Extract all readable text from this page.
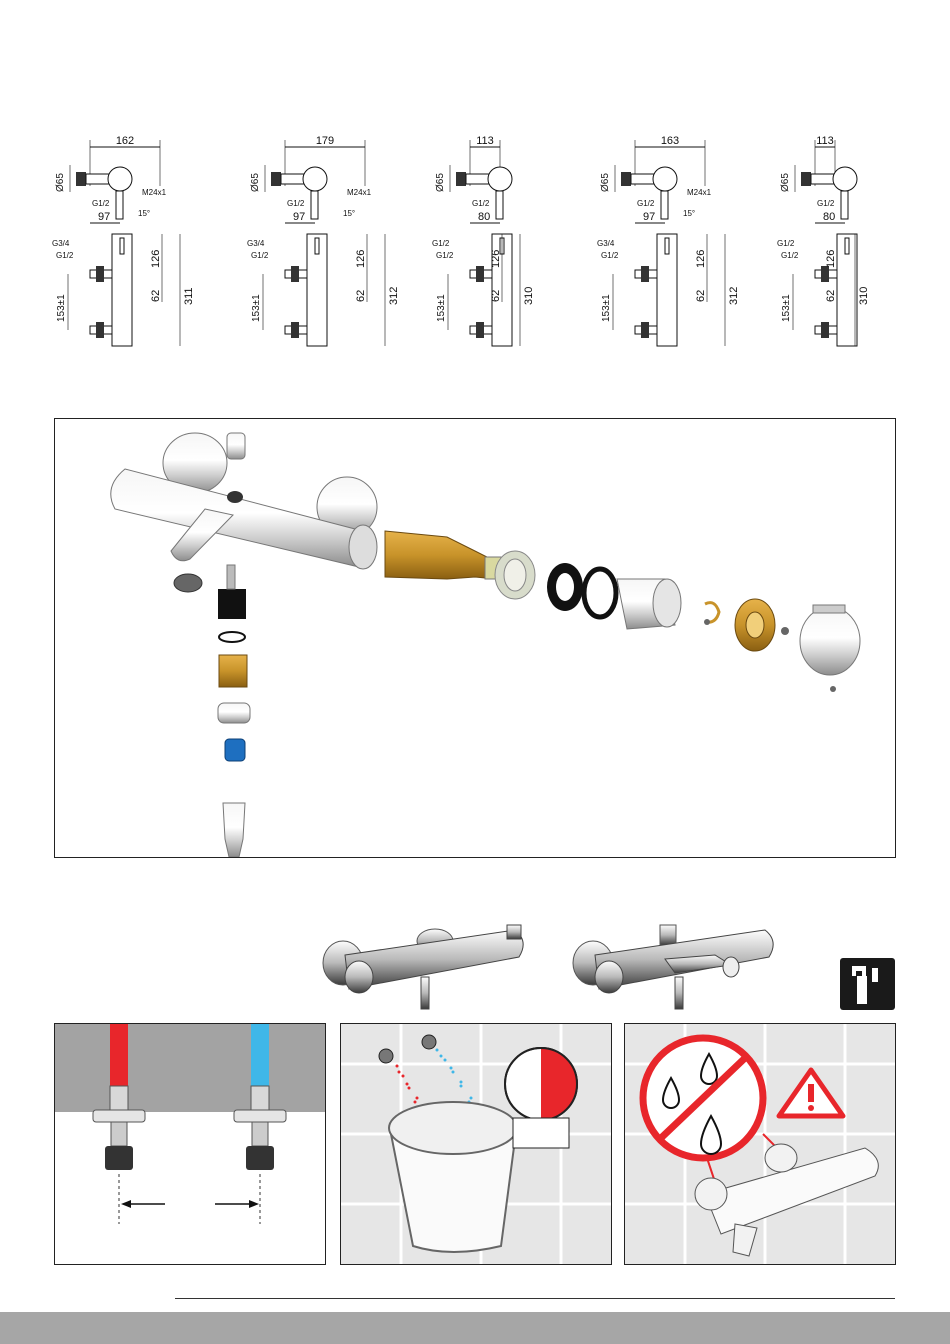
162
Ø65
G1/2
M24x1
15°
97
G3/4
G1/2	126
62 311
153±1
179
Ø65
G1/2
M24x1
15°
97
G3/4
G1/2	126
62 312
153±1
113
Ø65
G1/2
80
G1/2
G1/2	126
62 310
153±1
163
Ø65
G1/2
M24x1
15°
97
G3/4
G1/2	126
62 312
153±1
113
Ø65
G1/2
80
G1/2
G1/2 126
62 310
153±1
